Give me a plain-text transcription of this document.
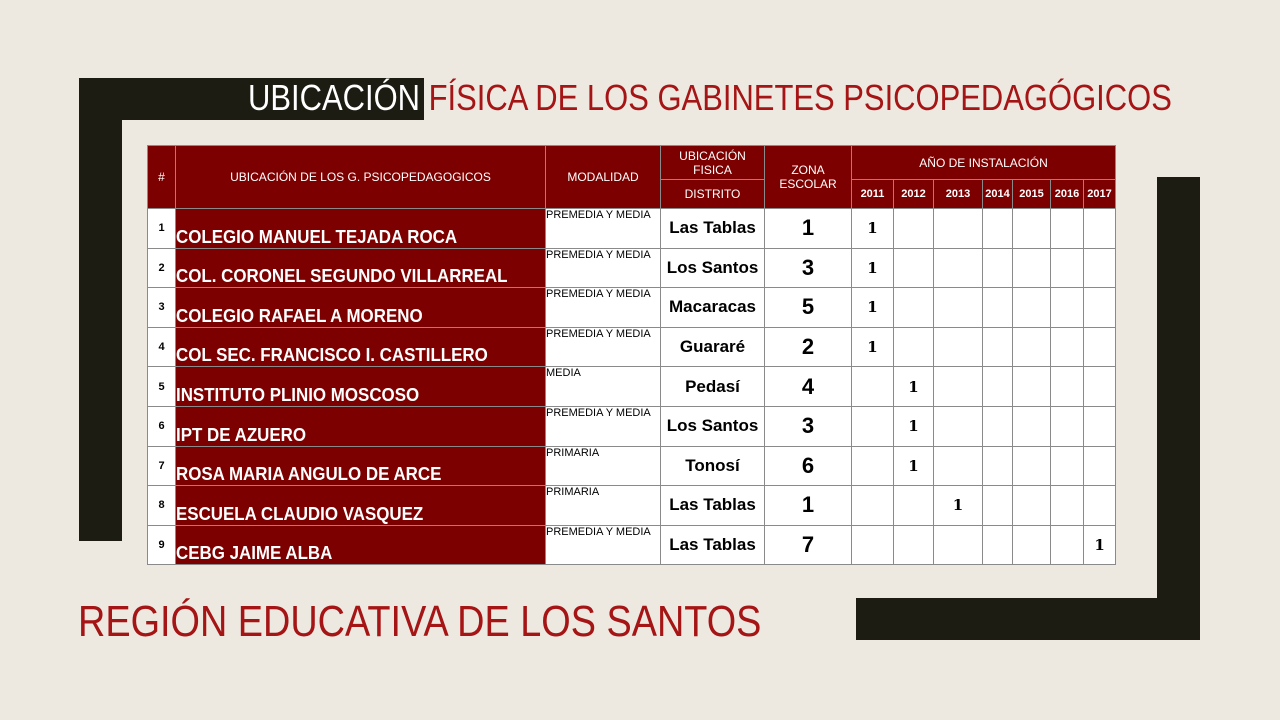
UBICACIÓN FÍSICA DE LOS GABINETES PSICOPEDAGÓGICOS
#	UBICACIÓN DE LOS G. PSICOPEDAGOGICOS	MODALIDAD	UBICACIÓN FISICA	ZONA ESCOLAR	AÑO DE INSTALACIÓN						
			DISTRITO		2011	2012	2013	2014	2015	2016	2017
1	COLEGIO MANUEL TEJADA ROCA	PREMEDIA Y MEDIA	Las Tablas	1	1						
2	COL. CORONEL SEGUNDO VILLARREAL	PREMEDIA Y MEDIA	Los Santos	3	1						
3	COLEGIO RAFAEL A MORENO	PREMEDIA Y MEDIA	Macaracas	5	1						
4	COL SEC. FRANCISCO I. CASTILLERO	PREMEDIA Y MEDIA	Guararé	2	1						
5	INSTITUTO PLINIO MOSCOSO	MEDIA	Pedasí	4		1					
6	IPT DE AZUERO	PREMEDIA Y MEDIA	Los Santos	3		1					
7	ROSA MARIA ANGULO DE ARCE	PRIMARIA	Tonosí	6		1					
8	ESCUELA CLAUDIO VASQUEZ	PRIMARIA	Las Tablas	1			1				
9	CEBG JAIME ALBA	PREMEDIA Y MEDIA	Las Tablas	7							1
REGIÓN EDUCATIVA DE LOS SANTOS
